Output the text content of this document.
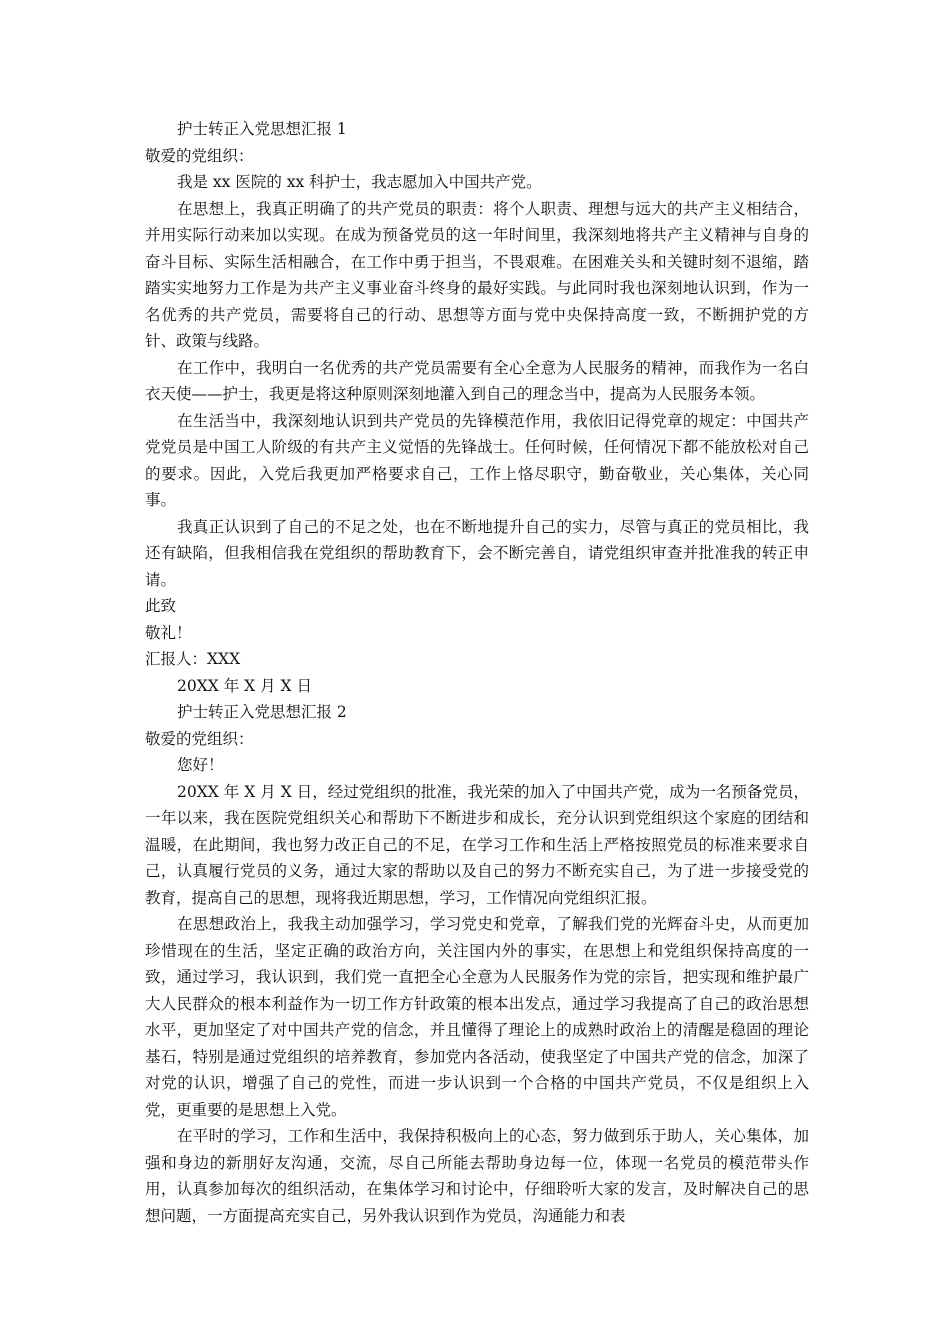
护士转正入党思想汇报 1
敬爱的党组织：
我是 xx 医院的 xx 科护士，我志愿加入中国共产党。

在思想上，我真正明确了的共产党员的职责：将个人职责、理想与远大的共产主义相结合，并用实际行动来加以实现。在成为预备党员的这一年时间里，我深刻地将共产主义精神与自身的奋斗目标、实际生活相融合，在工作中勇于担当，不畏艰难。在困难关头和关键时刻不退缩，踏踏实实地努力工作是为共产主义事业奋斗终身的最好实践。与此同时我也深刻地认识到，作为一名优秀的共产党员，需要将自己的行动、思想等方面与党中央保持高度一致，不断拥护党的方针、政策与线路。

在工作中，我明白一名优秀的共产党员需要有全心全意为人民服务的精神，而我作为一名白衣天使——护士，我更是将这种原则深刻地灌入到自己的理念当中，提高为人民服务本领。

在生活当中，我深刻地认识到共产党员的先锋模范作用，我依旧记得党章的规定：中国共产党党员是中国工人阶级的有共产主义觉悟的先锋战士。任何时候，任何情况下都不能放松对自己的要求。因此，入党后我更加严格要求自己，工作上恪尽职守，勤奋敬业，关心集体，关心同事。

我真正认识到了自己的不足之处，也在不断地提升自己的实力，尽管与真正的党员相比，我还有缺陷，但我相信我在党组织的帮助教育下，会不断完善自，请党组织审查并批准我的转正申请。

此致
敬礼！
汇报人：XXX
20XX 年 X 月 X 日
护士转正入党思想汇报 2
敬爱的党组织：
您好！

20XX 年 X 月 X 日，经过党组织的批准，我光荣的加入了中国共产党，成为一名预备党员，一年以来，我在医院党组织关心和帮助下不断进步和成长，充分认识到党组织这个家庭的团结和温暖，在此期间，我也努力改正自己的不足，在学习工作和生活上严格按照党员的标准来要求自己，认真履行党员的义务，通过大家的帮助以及自己的努力不断充实自己，为了进一步接受党的教育，提高自己的思想，现将我近期思想，学习，工作情况向党组织汇报。

在思想政治上，我我主动加强学习，学习党史和党章，了解我们党的光辉奋斗史，从而更加珍惜现在的生活，坚定正确的政治方向，关注国内外的事实，在思想上和党组织保持高度的一致，通过学习，我认识到，我们党一直把全心全意为人民服务作为党的宗旨，把实现和维护最广大人民群众的根本利益作为一切工作方针政策的根本出发点，通过学习我提高了自己的政治思想水平，更加坚定了对中国共产党的信念，并且懂得了理论上的成熟时政治上的清醒是稳固的理论基石，特别是通过党组织的培养教育，参加党内各活动，使我坚定了中国共产党的信念，加深了对党的认识，增强了自己的党性，而进一步认识到一个合格的中国共产党员，不仅是组织上入党，更重要的是思想上入党。

在平时的学习，工作和生活中，我保持积极向上的心态，努力做到乐于助人，关心集体，加强和身边的新朋好友沟通，交流，尽自己所能去帮助身边每一位，体现一名党员的模范带头作用，认真参加每次的组织活动，在集体学习和讨论中，仔细聆听大家的发言，及时解决自己的思想问题，一方面提高充实自己，另外我认识到作为党员，沟通能力和表
